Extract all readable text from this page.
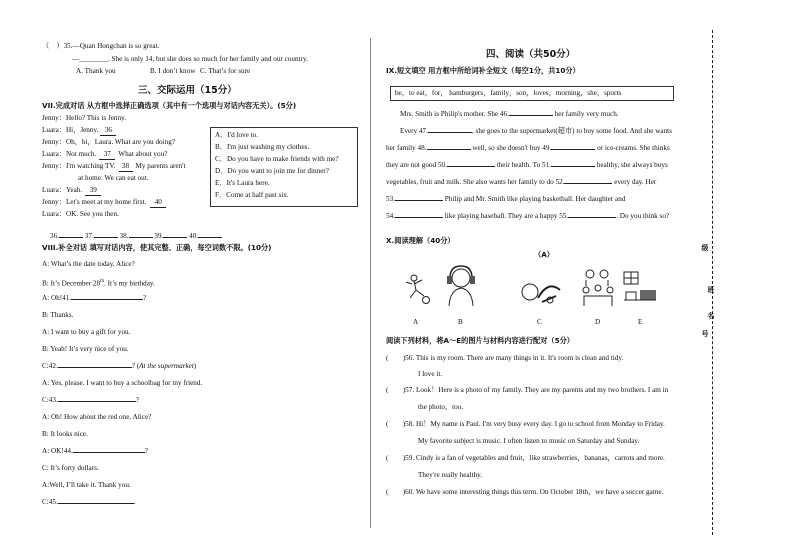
（　）35.—Quan Hongchan is so great.
—________. She is only 14, but she does so much for her family and our country.
A. Thank you	B. I don’t know C. That’s for sure
三、交际运用（15分）
VII.完成对话 从方框中选择正确选项（其中有一个选项与对话内容无关）。(5分)
Jenny：Hello? This is Jenny.
Luara：Hi，Jenny. 36
Jenny：Oh，hi，Laura. What are you doing?
Luara：Not much. 37 What about you?
Jenny：I'm watching TV. 38 My parents aren't
at home. We can eat out.
Luara：Yeah. 39
Jenny：Let's meet at my home first. 40
Luara：OK. See you then.
A．I'd love to.
B．I'm just washing my clothes.
C．Do you have to make friends with me?
D．Do you want to join me for dinner?
E．It's Laura here.
F．Come at half past six.
36.	37.	38.	39.	40.
VIII.补全对话 填写对话内容，使其完整、正确，每空词数不限。(10分)
A: What’s the date today, Alice?
B: It’s December 28th. It’s my birthday.
A: Oh!41.	?
B: Thanks.
A: I want to buy a gift for you.
B: Yeah! It’s very nice of you.
C:42.	? (At the supermarket)
A: Yes, please. I want to buy a schoolbag for my friend.
C:43.	?
A: Oh! How about the red one, Alice?
B: It looks nice.
A: OK!44.	?
C: It’s forty dollars.
A:Well, I’ll take it. Thank you.
C:45.	.
四、阅读（共50分）
IX.短文填空 用方框中所给词补全短文（每空1分，共10分）
be，to eat，for， hamburgers，family，son，loves，morning，she，sports
Mrs. Smith is Philip's mother. She 46.	her family very much.
Every 47.	, she goes to the supermarket(超市) to buy some food. And she wants
her family 48.	well, so she doesn't buy 49.	or ice-creams. She thinks
they are not good 50.	their health. To 51.	healthy, she always buys
vegetables, fruit and milk. She also wants her family to do 52.	every day. Her
53.	Philip and Mr. Smith like playing basketball. Her daughter and
54.	like playing baseball. They are a happy 55.	. Do you think so?
X.阅读理解（40分）
（A）
A	B	C	D	E
阅读下列材料，将A～E的图片与材料内容进行配对（5分）
(　　)56. This is my room. There are many things in it. It's room is clean and tidy.
I love it.
(　　)57. Look！Here is a photo of my family. They are my parents and my two brothers. I am in
the photo，too.
(　　)58. Hi！My name is Paul. I'm very busy every day. I go to school from Monday to Friday.
My favorite subject is music. I often listen to music on Saturday and Sunday.
(　　)59. Cindy is a fan of vegetables and fruit，like strawberries，bananas，carrots and more.
They're really healthy.
(　　)60. We have some interesting things this term. On October 18th，we have a soccer game.
级
班
名
号
